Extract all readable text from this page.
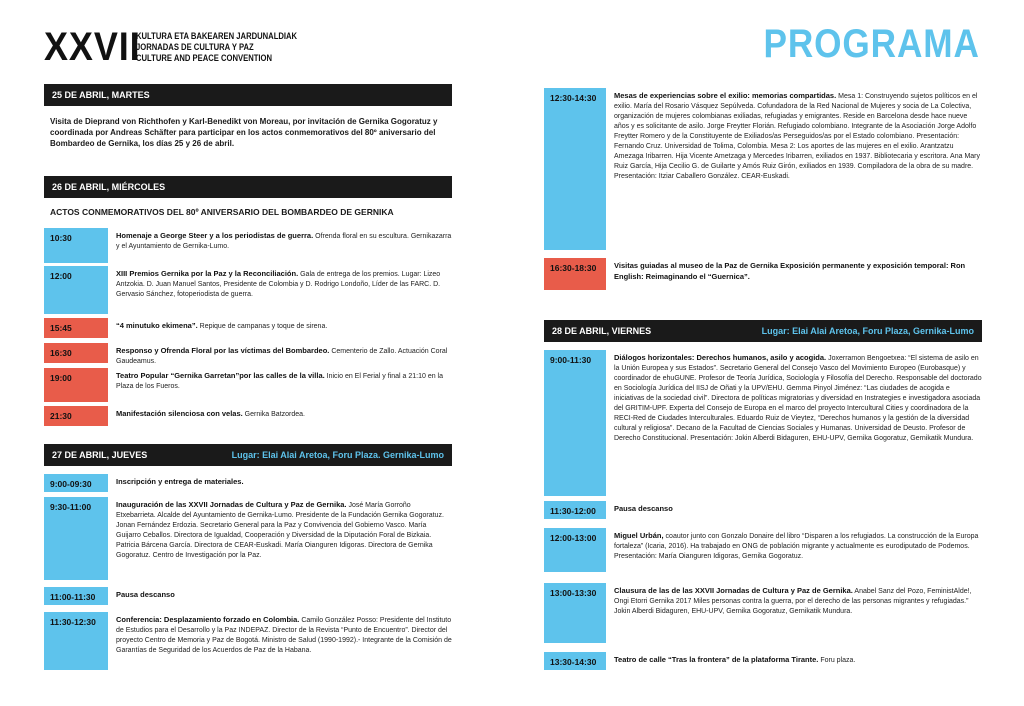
XXVII
KULTURA ETA BAKEAREN JARDUNALDIAK
JORNADAS DE CULTURA Y PAZ
CULTURE AND PEACE CONVENTION	PROGRAMA
25 DE ABRIL, MARTES
Visita de Dieprand von Richthofen y Karl-Benedikt von Moreau, por invitación de Gernika Gogoratuz y coordinada por Andreas Schäfter para participar en los actos conmemorativos del 80º aniversario del Bombardeo de Gernika, los días 25 y 26 de abril.
26 DE ABRIL, MIÉRCOLES
ACTOS CONMEMORATIVOS DEL 80º ANIVERSARIO DEL BOMBARDEO DE GERNIKA
10:30	Homenaje a George Steer y a los periodistas de guerra. Ofrenda floral en su escultura. Gernikazarra y el Ayuntamiento de Gernika-Lumo.
12:00	XIII Premios Gernika por la Paz y la Reconciliación. Gala de entrega de los premios. Lugar: Lizeo Antzokia. D. Juan Manuel Santos, Presidente de Colombia y D. Rodrigo Londoño, Líder de las FARC. D. Gervasio Sánchez, fotoperiodista de guerra.
15:45	“4 minutuko ekimena”. Repique de campanas y toque de sirena.
16:30	Responso y Ofrenda Floral por las víctimas del Bombardeo. Cementerio de Zallo. Actuación Coral Gaudeamus.
19:00	Teatro Popular “Gernika Garretan”por las calles de la villa. Inicio en El Ferial y final a 21:10 en la Plaza de los Fueros.
21:30	Manifestación silenciosa con velas. Gernika Batzordea.
27 DE ABRIL, JUEVES	Lugar: Elai Alai Aretoa, Foru Plaza. Gernika-Lumo
9:00-09:30	Inscripción y entrega de materiales.
9:30-11:00	Inauguración de las XXVII Jornadas de Cultura y Paz de Gernika. José María Gorroño Etxebarrieta. Alcalde del Ayuntamiento de Gernika-Lumo. Presidente de la Fundación Gernika Gogoratuz. Jonan Fernández Erdozia. Secretario General para la Paz y Convivencia del Gobierno Vasco. María Guijarro Ceballos. Directora de Igualdad, Cooperación y Diversidad de la Diputación Foral de Bizkaia. Patricia Bárcena García. Directora de CEAR-Euskadi. María Oianguren Idigoras. Directora de Gernika Gogoratuz. Centro de Investigación por la Paz.
11:00-11:30	Pausa descanso
11:30-12:30	Conferencia: Desplazamiento forzado en Colombia. Camilo González Posso: Presidente del Instituto de Estudios para el Desarrollo y la Paz INDEPAZ. Director de la Revista “Punto de Encuentro”. Director del proyecto Centro de Memoria y Paz de Bogotá. Ministro de Salud (1990-1992).- Integrante de la Comisión de Garantías de Seguridad de los Acuerdos de Paz de la Habana.
12:30-14:30	Mesas de experiencias sobre el exilio: memorias compartidas. Mesa 1: Construyendo sujetos políticos en el exilio. María del Rosario Vásquez Sepúlveda. Cofundadora de la Red Nacional de Mujeres y socia de La Colectiva, organización de mujeres colombianas exiliadas, refugiadas y emigrantes. Reside en Barcelona desde hace nueve años y es solicitante de asilo. Jorge Freytter Florián. Refugiado colombiano. Integrante de la Asociación Jorge Adolfo Freytter Romero y de la Constituyente de Exiliados/as Perseguidos/as por el Estado colombiano. Presentación: Fernando Cruz. Universidad de Tolima, Colombia. Mesa 2: Los aportes de las mujeres en el exilio. Arantzatzu Amezaga Iribarren. Hija Vicente Ametzaga y Mercedes Iribarren, exiliados en 1937. Bibliotecaria y escritora. Ana Mary Ruiz García, Hija Cecilio G. de Guilarte y Amós Ruiz Girón, exiliados en 1939. Compiladora de la obra de su madre. Presentación: Itziar Caballero González. CEAR-Euskadi.
16:30-18:30	Visitas guiadas al museo de la Paz de Gernika Exposición permanente y exposición temporal: Ron English: Reimaginando el “Guernica”.
28 DE ABRIL, VIERNES	Lugar: Elai Alai Aretoa, Foru Plaza, Gernika-Lumo
9:00-11:30	Diálogos horizontales: Derechos humanos, asilo y acogida. Joxerramon Bengoetxea: “El sistema de asilo en la Unión Europea y sus Estados”. Secretario General del Consejo Vasco del Movimiento Europeo (Eurobasque) y coordinador de ehuGUNE. Profesor de Teoría Jurídica, Sociología y Filosofía del Derecho. Responsable del doctorado en Sociología Jurídica del IISJ de Oñati y la UPV/EHU. Gemma Pinyol Jiménez: “Las ciudades de acogida e iniciativas de la sociedad civil”. Directora de políticas migratorias y diversidad en Instrategies e investigadora asociada del GRITIM-UPF. Experta del Consejo de Europa en el marco del proyecto Intercultural Cities y coordinadora de la RECI-Red de Ciudades Interculturales. Eduardo Ruiz de Vieytez, “Derechos humanos y la gestión de la diversidad cultural y religiosa”. Decano de la Facultad de Ciencias Sociales y Humanas. Universidad de Deusto. Profesor de Derecho Constitucional. Presentación: Jokin Alberdi Bidaguren, EHU-UPV, Gernika Gogoratuz, Gernikatik Mundura.
11:30-12:00	Pausa descanso
12:00-13:00	Miguel Urbán, coautor junto con Gonzalo Donaire del libro “Disparen a los refugiados. La construcción de la Europa fortaleza” (Icaria, 2016). Ha trabajado en ONG de población migrante y actualmente es eurodiputado de Podemos. Presentación: María Oianguren Idigoras, Gernika Gogoratuz.
13:00-13:30	Clausura de las de las XXVII Jornadas de Cultura y Paz de Gernika. Anabel Sanz del Pozo, FeministAlde!, Ongi Etorri Gernika 2017 Miles personas contra la guerra, por el derecho de las personas migrantes y refugiadas.” Jokin Alberdi Bidaguren, EHU-UPV, Gernika Gogoratuz, Gernikatik Mundura.
13:30-14:30	Teatro de calle “Tras la frontera” de la plataforma Tirante. Foru plaza.
